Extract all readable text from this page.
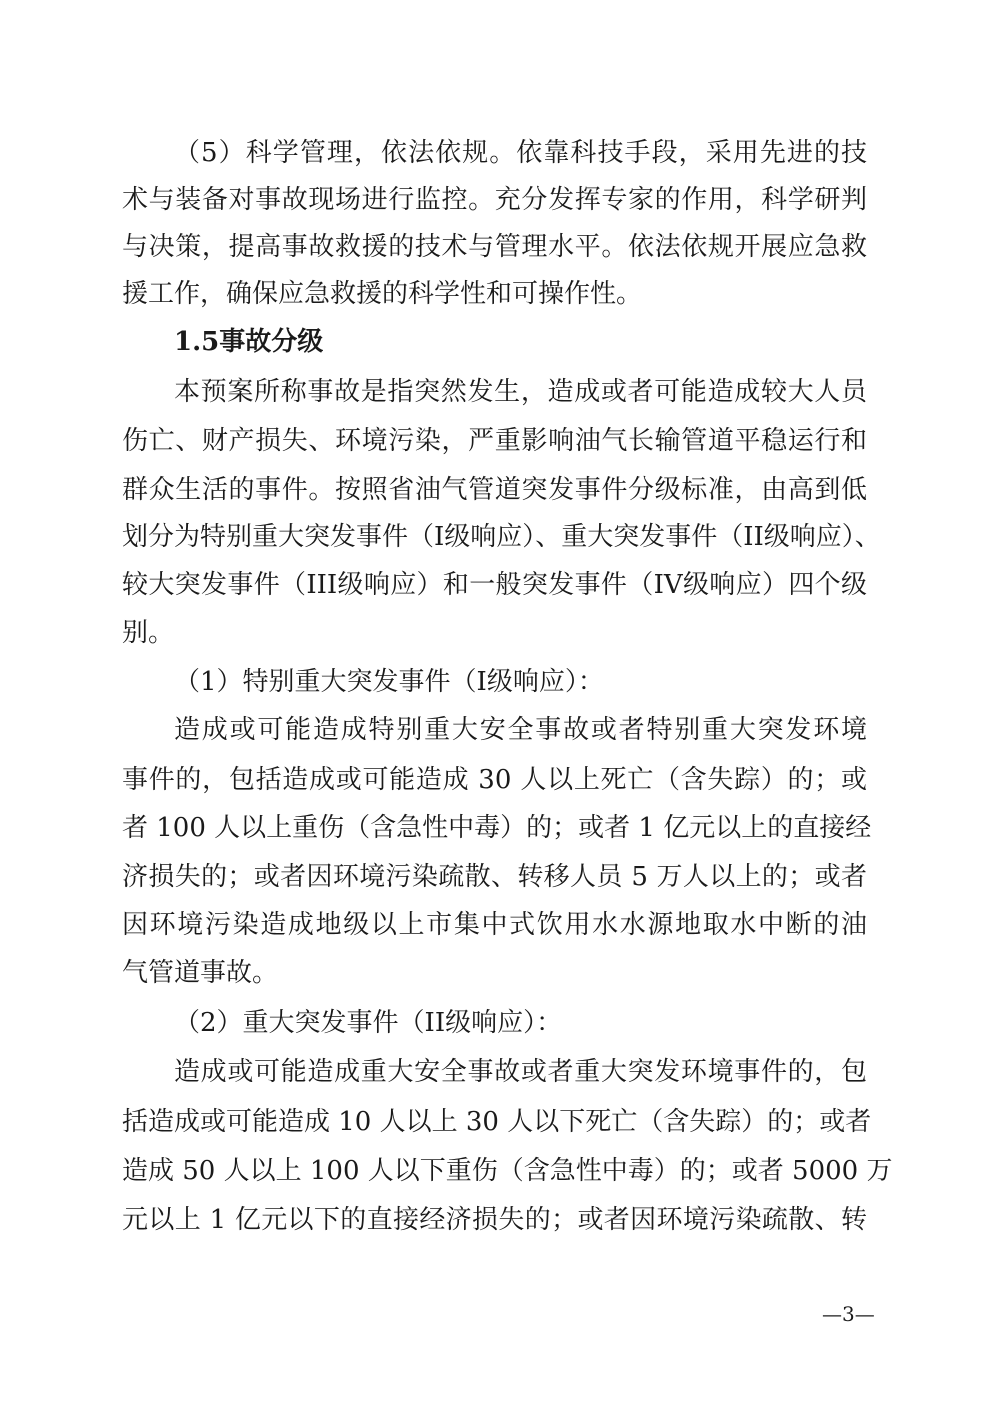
（5）科学管理，依法依规。依靠科技手段，采用先进的技
术与装备对事故现场进行监控。充分发挥专家的作用，科学研判
与决策，提高事故救援的技术与管理水平。依法依规开展应急救
援工作，确保应急救援的科学性和可操作性。
1.5事故分级
本预案所称事故是指突然发生，造成或者可能造成较大人员
伤亡、财产损失、环境污染，严重影响油气长输管道平稳运行和
群众生活的事件。按照省油气管道突发事件分级标准，由高到低
划分为特别重大突发事件（I级响应）、重大突发事件（II级响应）、
较大突发事件（III级响应）和一般突发事件（IV级响应）四个级
别。
（1）特别重大突发事件（I级响应）：
造成或可能造成特别重大安全事故或者特别重大突发环境
事件的，包括造成或可能造成 30 人以上死亡（含失踪）的；或
者 100 人以上重伤（含急性中毒）的；或者 1 亿元以上的直接经
济损失的；或者因环境污染疏散、转移人员 5 万人以上的；或者
因环境污染造成地级以上市集中式饮用水水源地取水中断的油
气管道事故。
（2）重大突发事件（II级响应）：
造成或可能造成重大安全事故或者重大突发环境事件的，包
括造成或可能造成 10 人以上 30 人以下死亡（含失踪）的；或者
造成 50 人以上 100 人以下重伤（含急性中毒）的；或者 5000 万
元以上 1 亿元以下的直接经济损失的；或者因环境污染疏散、转
—3—
